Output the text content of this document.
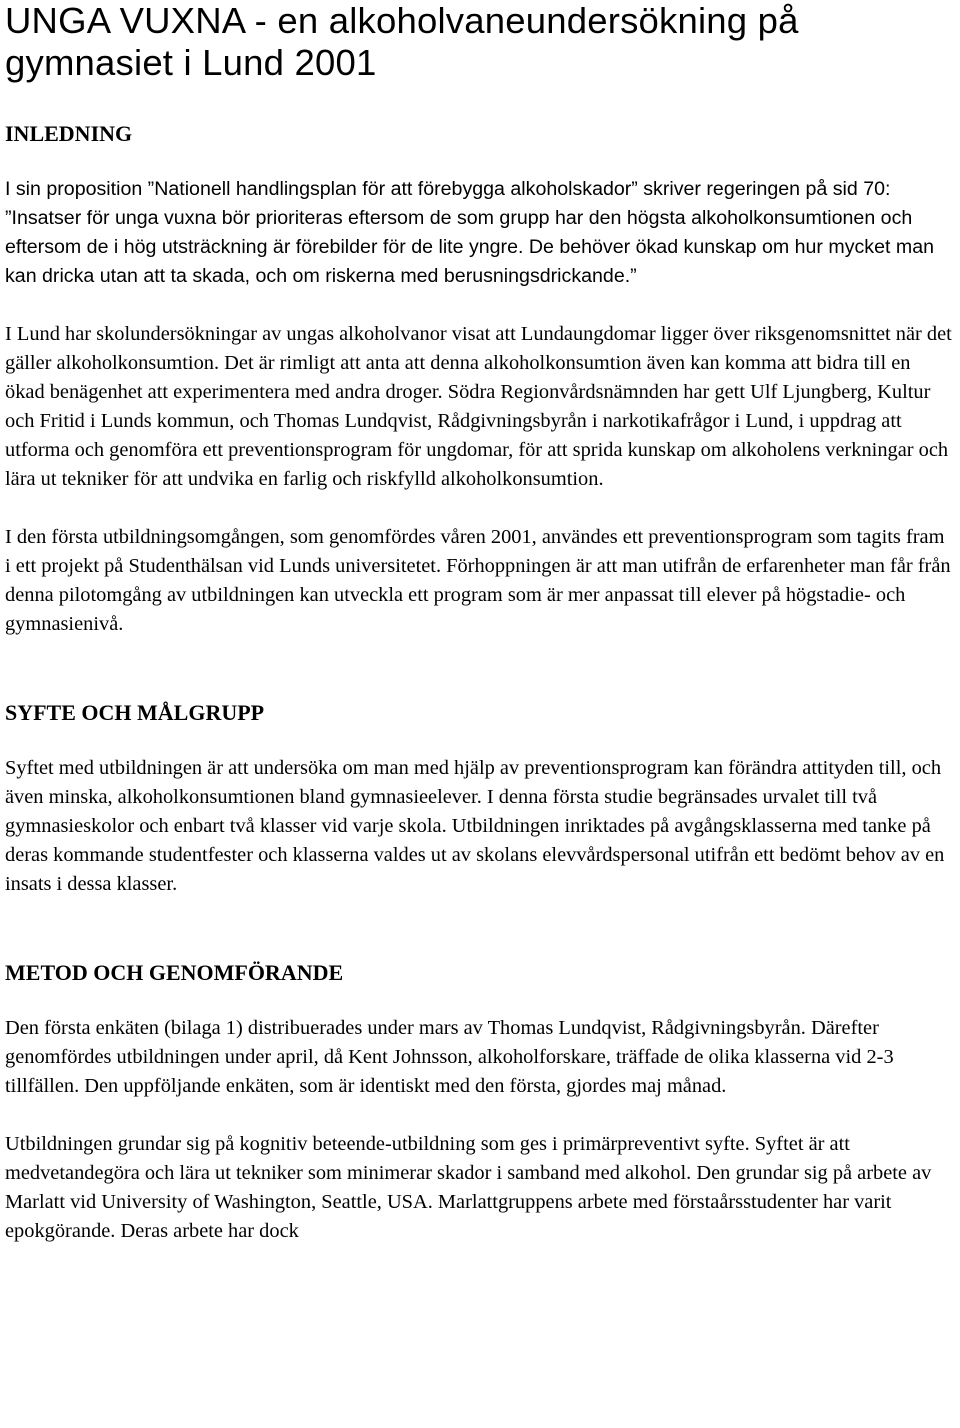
UNGA VUXNA - en alkoholvaneundersökning på gymnasiet i Lund 2001
INLEDNING

I sin proposition ”Nationell handlingsplan för att förebygga alkoholskador” skriver regeringen på sid 70: ”Insatser för unga vuxna bör prioriteras eftersom de som grupp har den högsta alkoholkonsumtionen och eftersom de i hög utsträckning är förebilder för de lite yngre. De behöver ökad kunskap om hur mycket man kan dricka utan att ta skada, och om riskerna med berusningsdrickande.”

I Lund har skolundersökningar av ungas alkoholvanor visat att Lundaungdomar ligger över riksgenomsnittet när det gäller alkoholkonsumtion. Det är rimligt att anta att denna alkoholkonsumtion även kan komma att bidra till en ökad benägenhet att experimentera med andra droger. Södra Regionvårdsnämnden har gett Ulf Ljungberg, Kultur och Fritid i Lunds kommun, och Thomas Lundqvist, Rådgivningsbyrån i narkotikafrågor i Lund, i uppdrag att utforma och genomföra ett preventionsprogram för ungdomar, för att sprida kunskap om alkoholens verkningar och lära ut tekniker för att undvika en farlig och riskfylld alkoholkonsumtion.

I den första utbildningsomgången, som genomfördes våren 2001, användes ett preventionsprogram som tagits fram i ett projekt på Studenthälsan vid Lunds universitetet. Förhoppningen är att man utifrån de erfarenheter man får från denna pilotomgång av utbildningen kan utveckla ett program som är mer anpassat till elever på högstadie- och gymnasienivå.

SYFTE OCH MÅLGRUPP

Syftet med utbildningen är att undersöka om man med hjälp av preventionsprogram kan förändra attityden till, och även minska, alkoholkonsumtionen bland gymnasieelever. I denna första studie begränsades urvalet till två gymnasieskolor och enbart två klasser vid varje skola. Utbildningen inriktades på avgångsklasserna med tanke på deras kommande studentfester och klasserna valdes ut av skolans elevvårdspersonal utifrån ett bedömt behov av en insats i dessa klasser.

METOD OCH GENOMFÖRANDE

Den första enkäten (bilaga 1) distribuerades under mars av Thomas Lundqvist, Rådgivningsbyrån. Därefter genomfördes utbildningen under april, då Kent Johnsson, alkoholforskare, träffade de olika klasserna vid 2-3 tillfällen. Den uppföljande enkäten, som är identiskt med den första, gjordes maj månad.

Utbildningen grundar sig på kognitiv beteende-utbildning som ges i primärpreventivt syfte. Syftet är att medvetandegöra och lära ut tekniker som minimerar skador i samband med alkohol. Den grundar sig på arbete av Marlatt vid University of Washington, Seattle, USA. Marlattgruppens arbete med förstaårsstudenter har varit epokgörande. Deras arbete har dock
